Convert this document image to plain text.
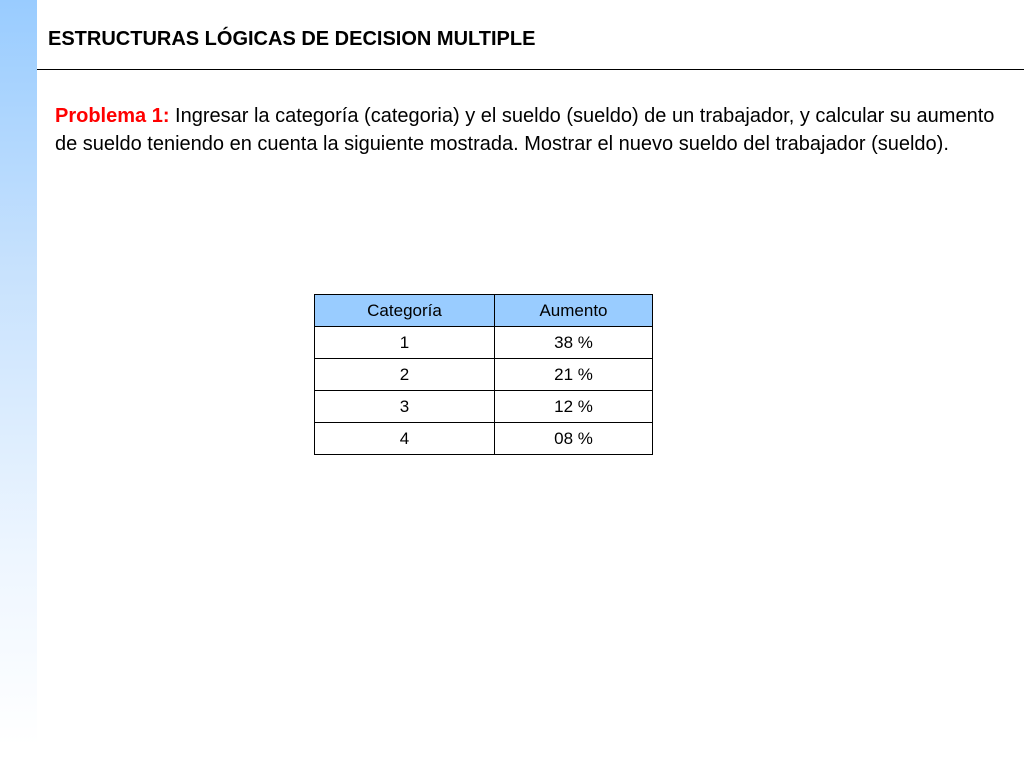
ESTRUCTURAS LÓGICAS DE DECISION MULTIPLE
Problema 1: Ingresar la categoría (categoria) y el sueldo (sueldo) de un trabajador, y calcular su aumento de sueldo teniendo en cuenta la siguiente mostrada. Mostrar el nuevo sueldo del trabajador (sueldo).
Categoría	Aumento
1	38 %
2	21 %
3	12 %
4	08 %
